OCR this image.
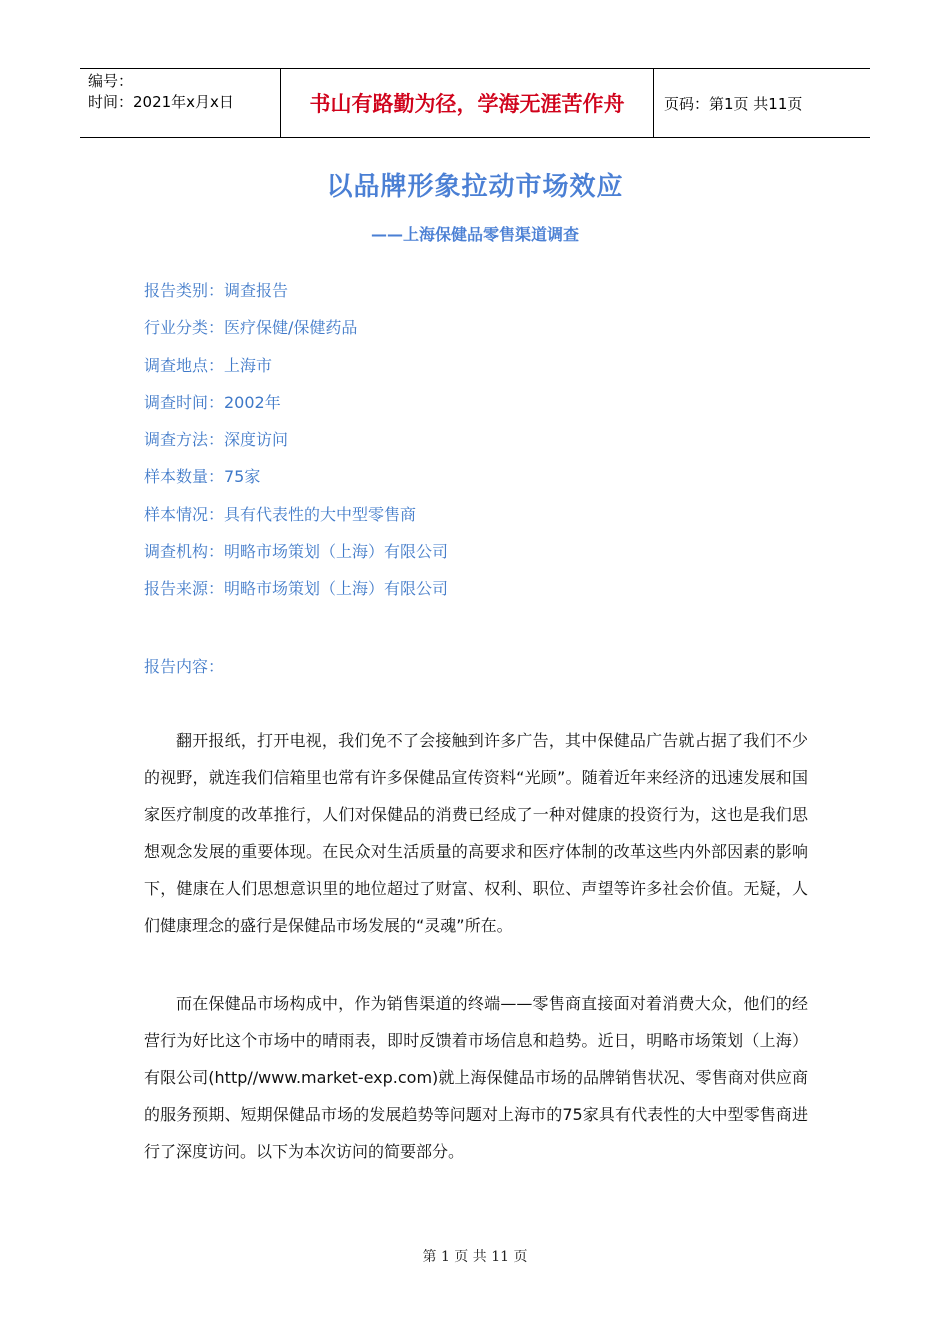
编号：
时间：2021年x月x日	书山有路勤为径，学海无涯苦作舟	页码：第1页 共11页
以品牌形象拉动市场效应
——上海保健品零售渠道调查
报告类别：调查报告
行业分类：医疗保健/保健药品
调查地点：上海市
调查时间：2002年
调查方法：深度访问
样本数量：75家
样本情况：具有代表性的大中型零售商
调查机构：明略市场策划（上海）有限公司
报告来源：明略市场策划（上海）有限公司
报告内容：

翻开报纸，打开电视，我们免不了会接触到许多广告，其中保健品广告就占据了我们不少的视野，就连我们信箱里也常有许多保健品宣传资料“光顾”。随着近年来经济的迅速发展和国家医疗制度的改革推行，人们对保健品的消费已经成了一种对健康的投资行为，这也是我们思想观念发展的重要体现。在民众对生活质量的高要求和医疗体制的改革这些内外部因素的影响下，健康在人们思想意识里的地位超过了财富、权利、职位、声望等许多社会价值。无疑，人们健康理念的盛行是保健品市场发展的“灵魂”所在。

而在保健品市场构成中，作为销售渠道的终端——零售商直接面对着消费大众，他们的经营行为好比这个市场中的晴雨表，即时反馈着市场信息和趋势。近日，明略市场策划（上海）有限公司(http//www.market-exp.com)就上海保健品市场的品牌销售状况、零售商对供应商的服务预期、短期保健品市场的发展趋势等问题对上海市的75家具有代表性的大中型零售商进行了深度访问。以下为本次访问的简要部分。

第 1 页 共 11 页
